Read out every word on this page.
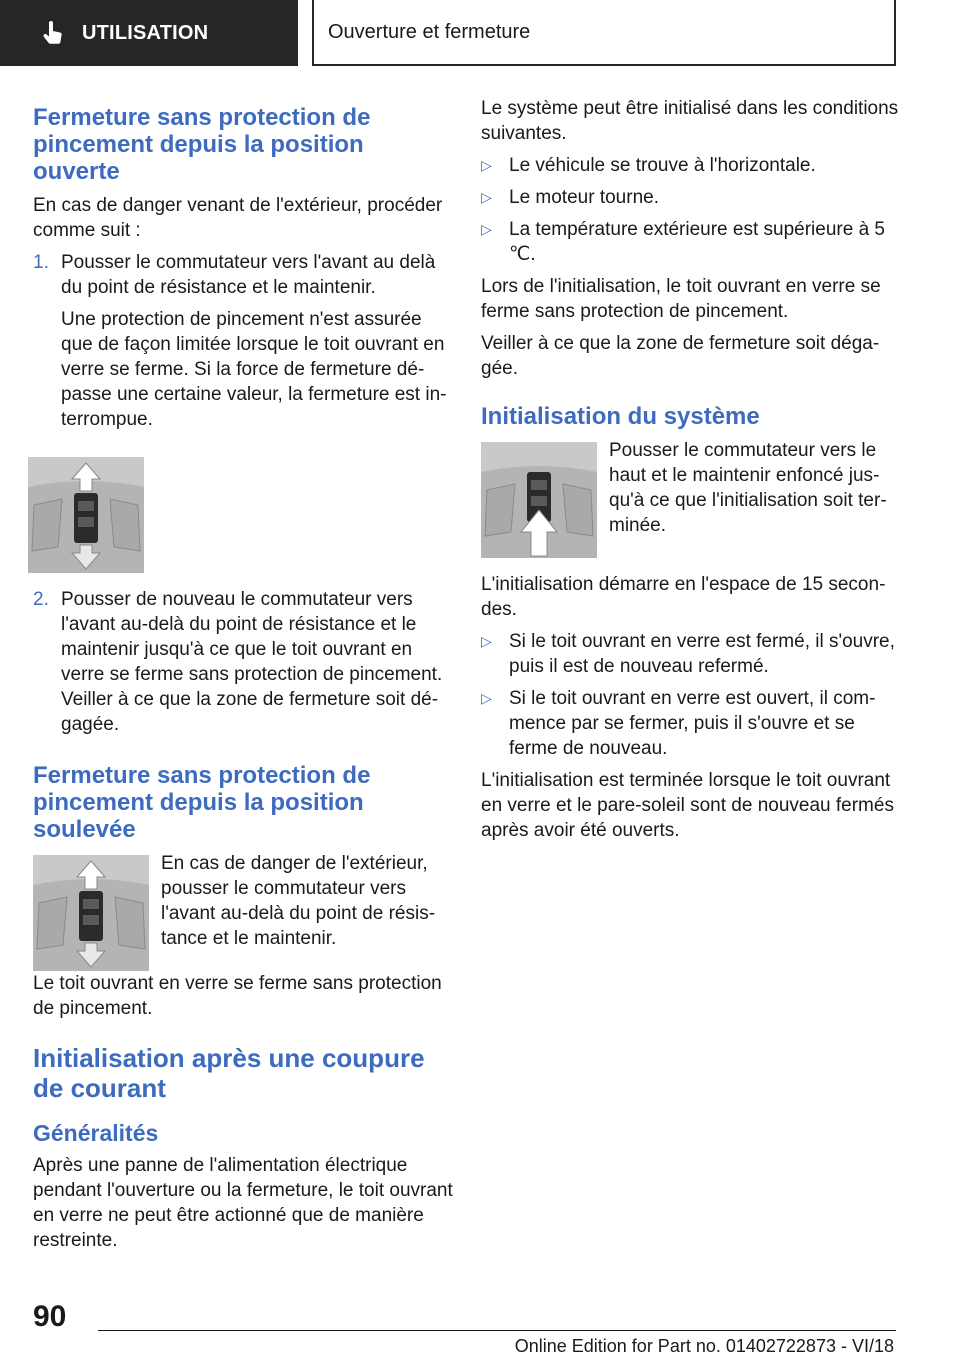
UTILISATION	Ouverture et fermeture
Fermeture sans protection de pincement depuis la position ouverte

En cas de danger venant de l'extérieur, procéder comme suit :

1. Pousser le commutateur vers l'avant au delà du point de résistance et le maintenir.

Une protection de pincement n'est assurée que de façon limitée lorsque le toit ouvrant en verre se ferme. Si la force de fermeture dépasse une certaine valeur, la fermeture est interrompue.

2. Pousser de nouveau le commutateur vers l'avant au-delà du point de résistance et le maintenir jusqu'à ce que le toit ouvrant en verre se ferme sans protection de pincement. Veiller à ce que la zone de fermeture soit dégagée.

Fermeture sans protection de pincement depuis la position soulevée

En cas de danger de l'extérieur, pousser le commutateur vers l'avant au-delà du point de résistance et le maintenir.

Le toit ouvrant en verre se ferme sans protection de pincement.

Initialisation après une coupure de courant
Généralités

Après une panne de l'alimentation électrique pendant l'ouverture ou la fermeture, le toit ouvrant en verre ne peut être actionné que de manière restreinte.

Le système peut être initialisé dans les conditions suivantes.

▷ Le véhicule se trouve à l'horizontale.
▷ Le moteur tourne.
▷ La température extérieure est supérieure à 5 ℃.

Lors de l'initialisation, le toit ouvrant en verre se ferme sans protection de pincement.

Veiller à ce que la zone de fermeture soit dégagée.

Initialisation du système

Pousser le commutateur vers le haut et le maintenir enfoncé jusqu'à ce que l'initialisation soit terminée.

L'initialisation démarre en l'espace de 15 secondes.

▷ Si le toit ouvrant en verre est fermé, il s'ouvre, puis il est de nouveau refermé.
▷ Si le toit ouvrant en verre est ouvert, il commence par se fermer, puis il s'ouvre et se ferme de nouveau.

L'initialisation est terminée lorsque le toit ouvrant en verre et le pare-soleil sont de nouveau fermés après avoir été ouverts.

90
Online Edition for Part no. 01402722873 - VI/18
